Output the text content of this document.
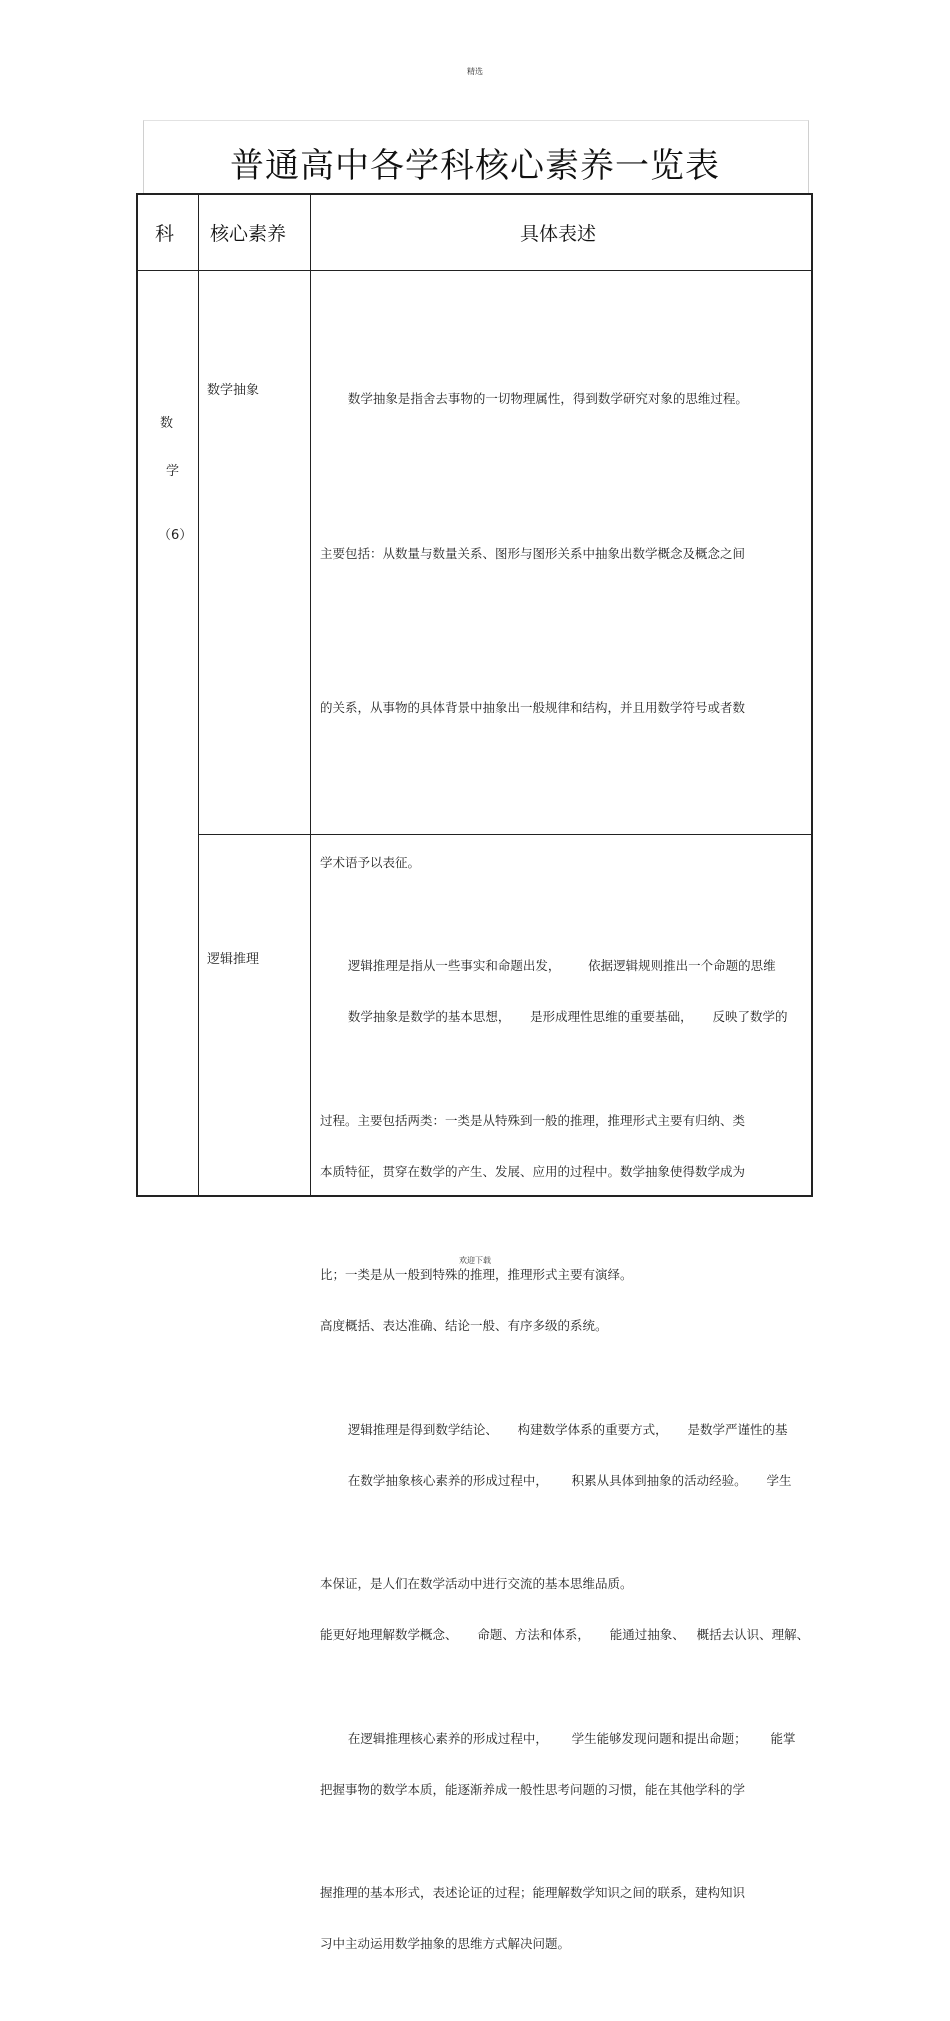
精选
普通高中各学科核心素养一览表
科 核心素养	具体表述
数
学
（6）
数学抽象

数学抽象是指舍去事物的一切物理属性，得到数学研究对象的思维过程。

主要包括：从数量与数量关系、图形与图形关系中抽象出数学概念及概念之间

的关系，从事物的具体背景中抽象出一般规律和结构，并且用数学符号或者数

学术语予以表征。

数学抽象是数学的基本思想，     是形成理性思维的重要基础，     反映了数学的

本质特征，贯穿在数学的产生、发展、应用的过程中。数学抽象使得数学成为

高度概括、表达准确、结论一般、有序多级的系统。

在数学抽象核心素养的形成过程中，      积累从具体到抽象的活动经验。     学生

能更好地理解数学概念、     命题、方法和体系，     能通过抽象、   概括去认识、理解、

把握事物的数学本质，能逐渐养成一般性思考问题的习惯，能在其他学科的学

习中主动运用数学抽象的思维方式解决问题。

逻辑推理

	逻辑推理是指从一些事实和命题出发，       依据逻辑规则推出一个命题的思维

过程。主要包括两类：一类是从特殊到一般的推理，推理形式主要有归纳、类

比；一类是从一般到特殊的推理，推理形式主要有演绎。

逻辑推理是得到数学结论、     构建数学体系的重要方式，     是数学严谨性的基

本保证，是人们在数学活动中进行交流的基本思维品质。

在逻辑推理核心素养的形成过程中，      学生能够发现问题和提出命题；      能掌

握推理的基本形式，表述论证的过程；能理解数学知识之间的联系，建构知识

欢迎下载
